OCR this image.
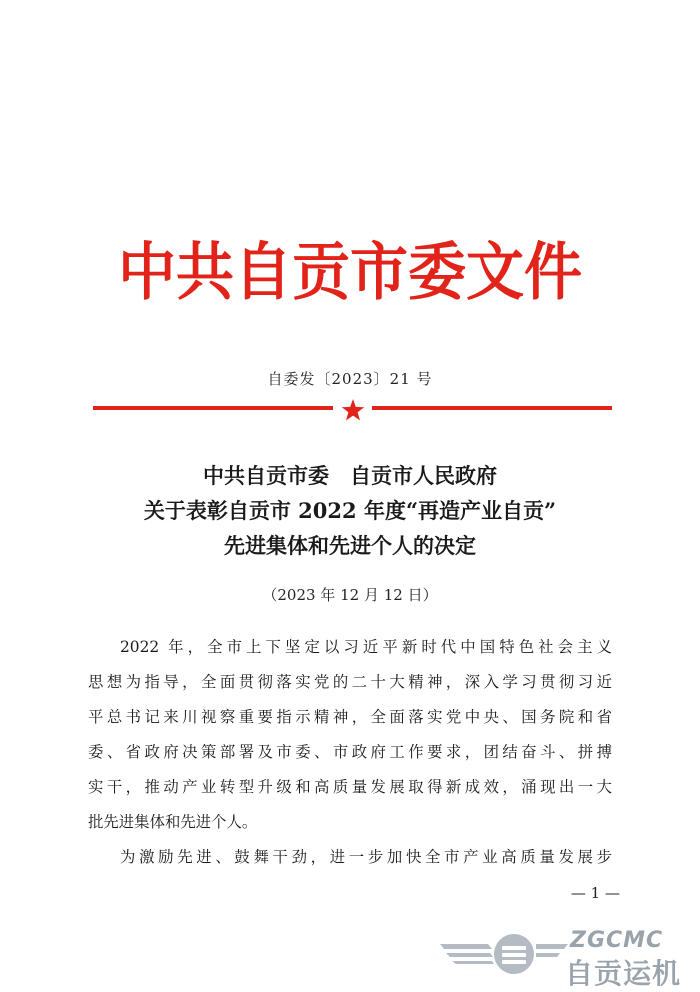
中共自贡市委文件
自委发〔2023〕21 号
中共自贡市委　自贡市人民政府
关于表彰自贡市 2022 年度“再造产业自贡”
先进集体和先进个人的决定
（2023 年 12 月 12 日）
2022 年，全市上下坚定以习近平新时代中国特色社会主义
思想为指导，全面贯彻落实党的二十大精神，深入学习贯彻习近
平总书记来川视察重要指示精神，全面落实党中央、国务院和省
委、省政府决策部署及市委、市政府工作要求，团结奋斗、拼搏
实干，推动产业转型升级和高质量发展取得新成效，涌现出一大
批先进集体和先进个人。
为激励先进、鼓舞干劲，进一步加快全市产业高质量发展步
— 1 —
ZGCMC
自贡运机
